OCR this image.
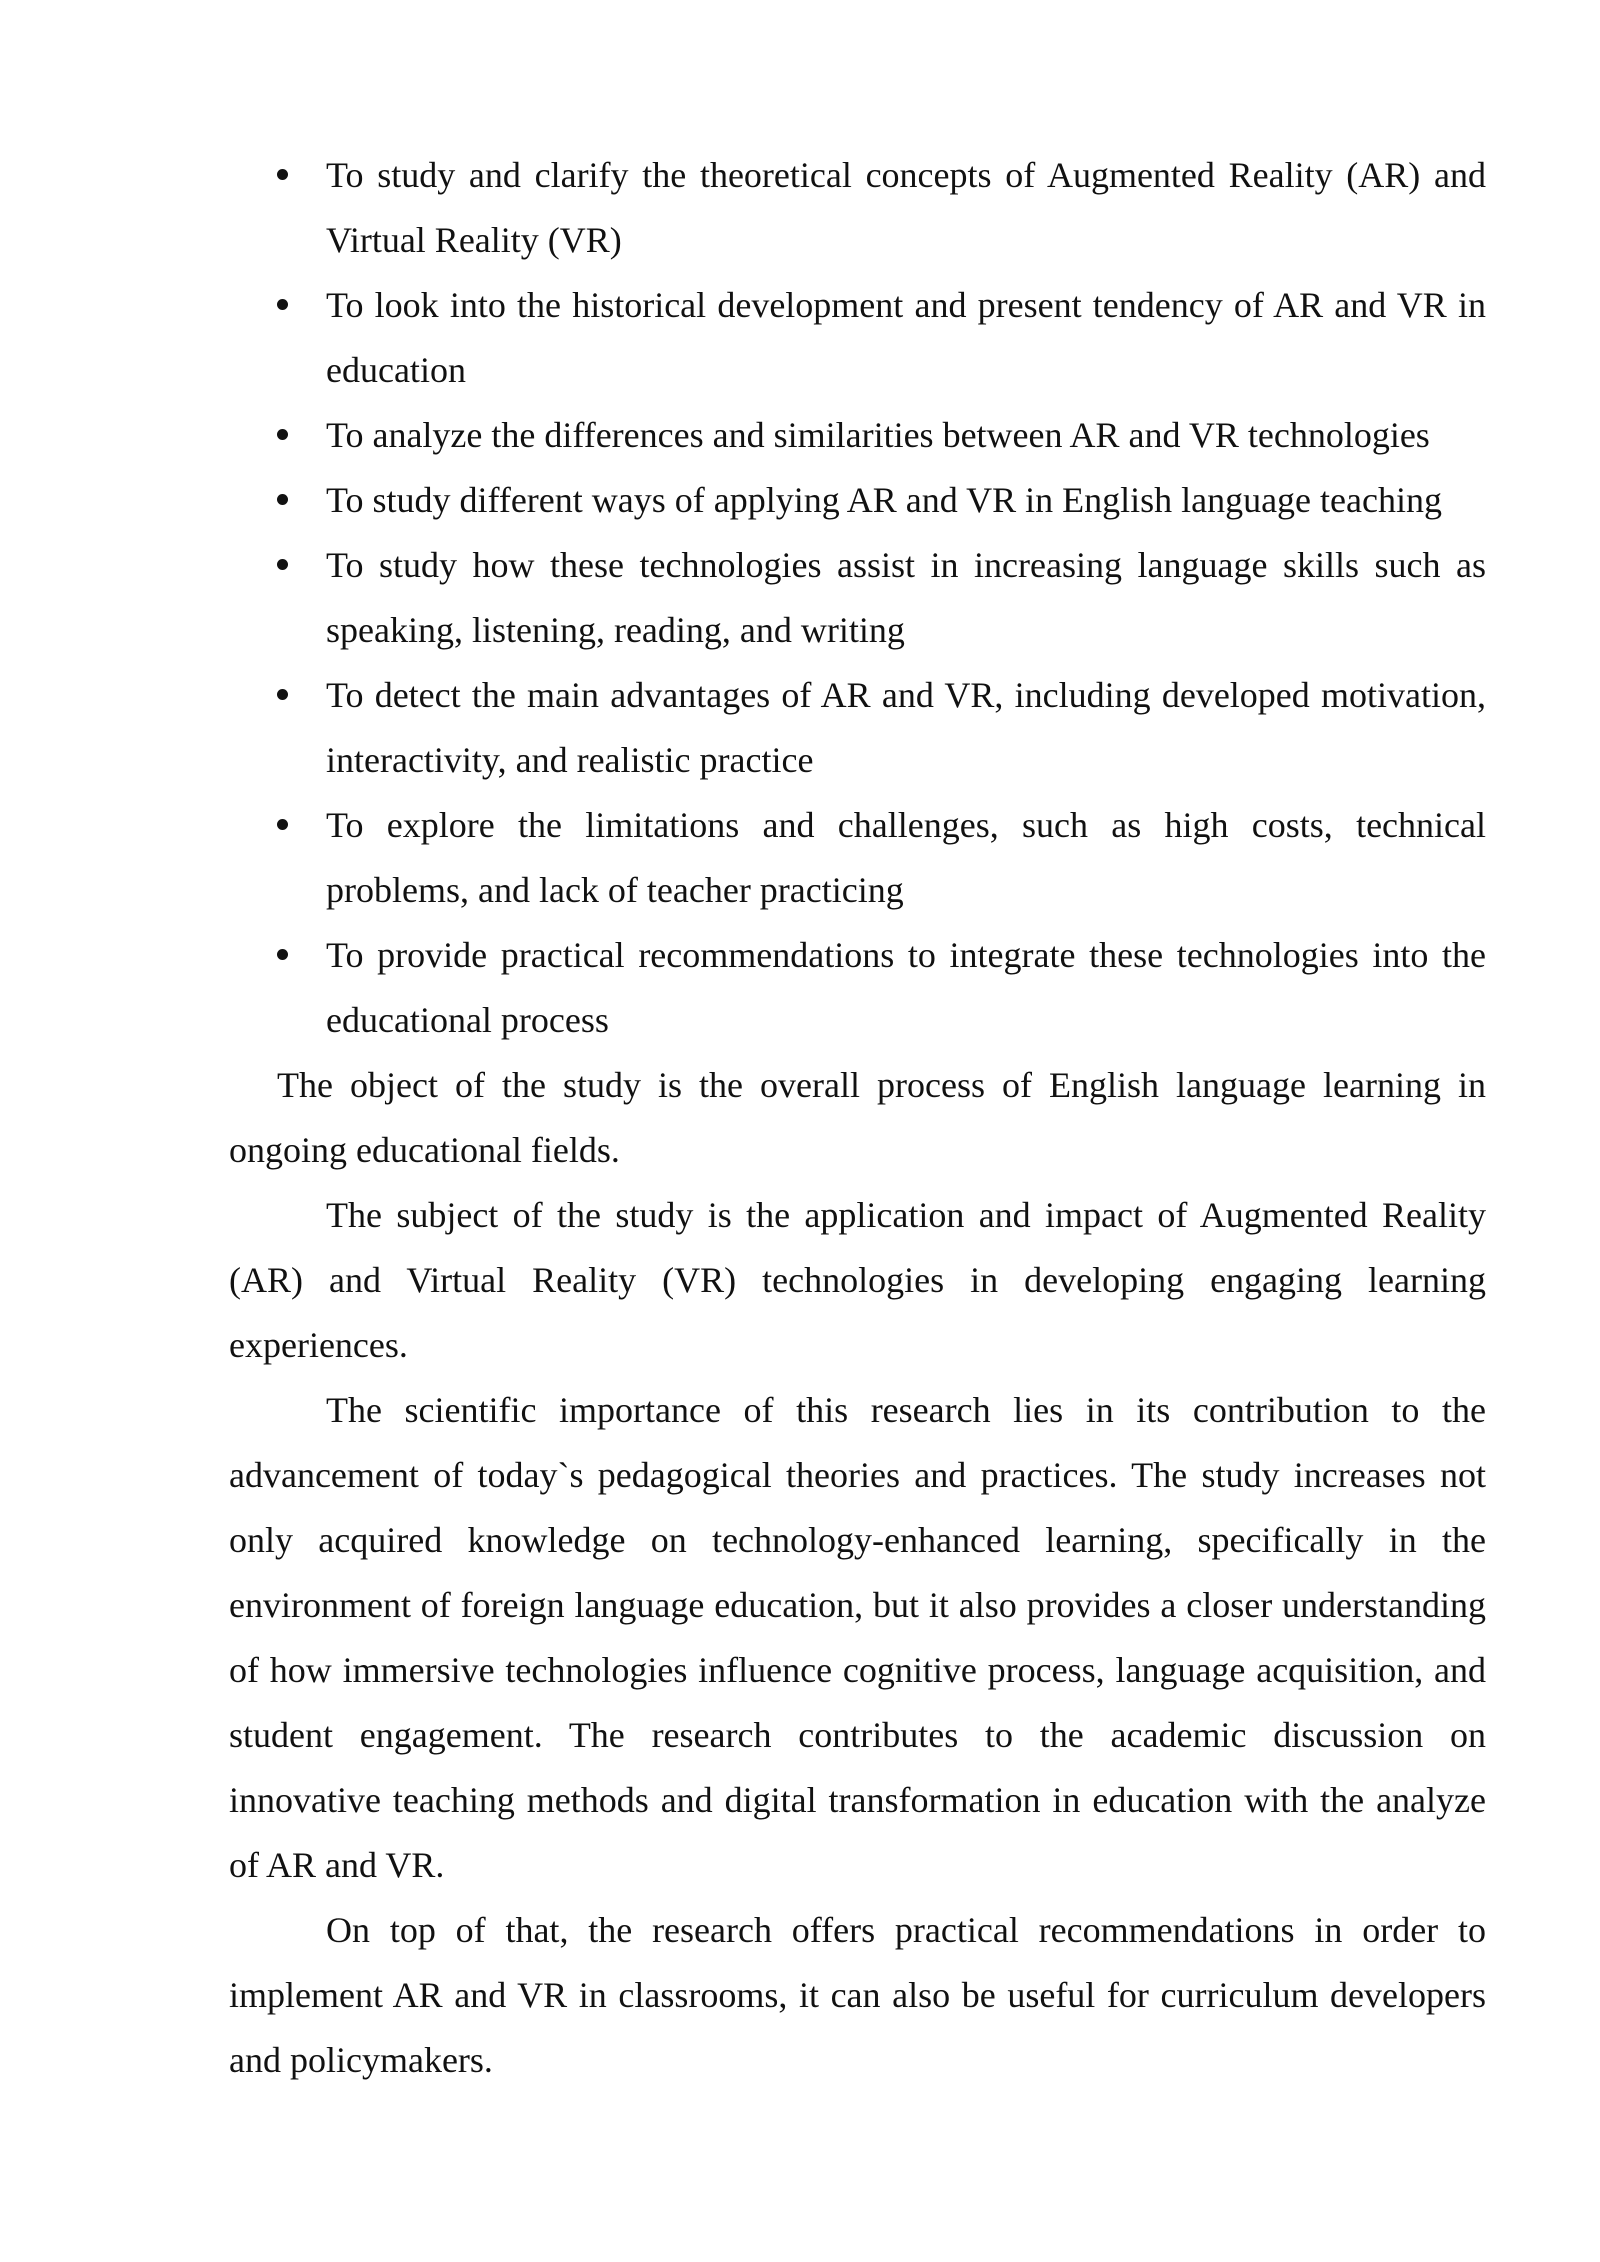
To study and clarify the theoretical concepts of Augmented Reality (AR) and Virtual Reality (VR)
To look into the historical development and present tendency of AR and VR in education
To analyze the differences and similarities between AR and VR technologies
To study different ways of applying AR and VR in English language teaching
To study how these technologies assist in increasing language skills such as speaking, listening, reading, and writing
To detect the main advantages of AR and VR, including developed motivation, interactivity, and realistic practice
To explore the limitations and challenges, such as high costs, technical problems, and lack of teacher practicing
To provide practical recommendations to integrate these technologies into the educational process

The object of the study is the overall process of English language learning in ongoing educational fields.

The subject of the study is the application and impact of Augmented Reality (AR) and Virtual Reality (VR) technologies in developing engaging learning experiences.

The scientific importance of this research lies in its contribution to the advancement of today`s pedagogical theories and practices. The study increases not only acquired knowledge on technology-enhanced learning, specifically in the environment of foreign language education, but it also provides a closer understanding of how immersive technologies influence cognitive process, language acquisition, and student engagement. The research contributes to the academic discussion on innovative teaching methods and digital transformation in education with the analyze of AR and VR.

On top of that, the research offers practical recommendations in order to implement AR and VR in classrooms, it can also be useful for curriculum developers and policymakers.
